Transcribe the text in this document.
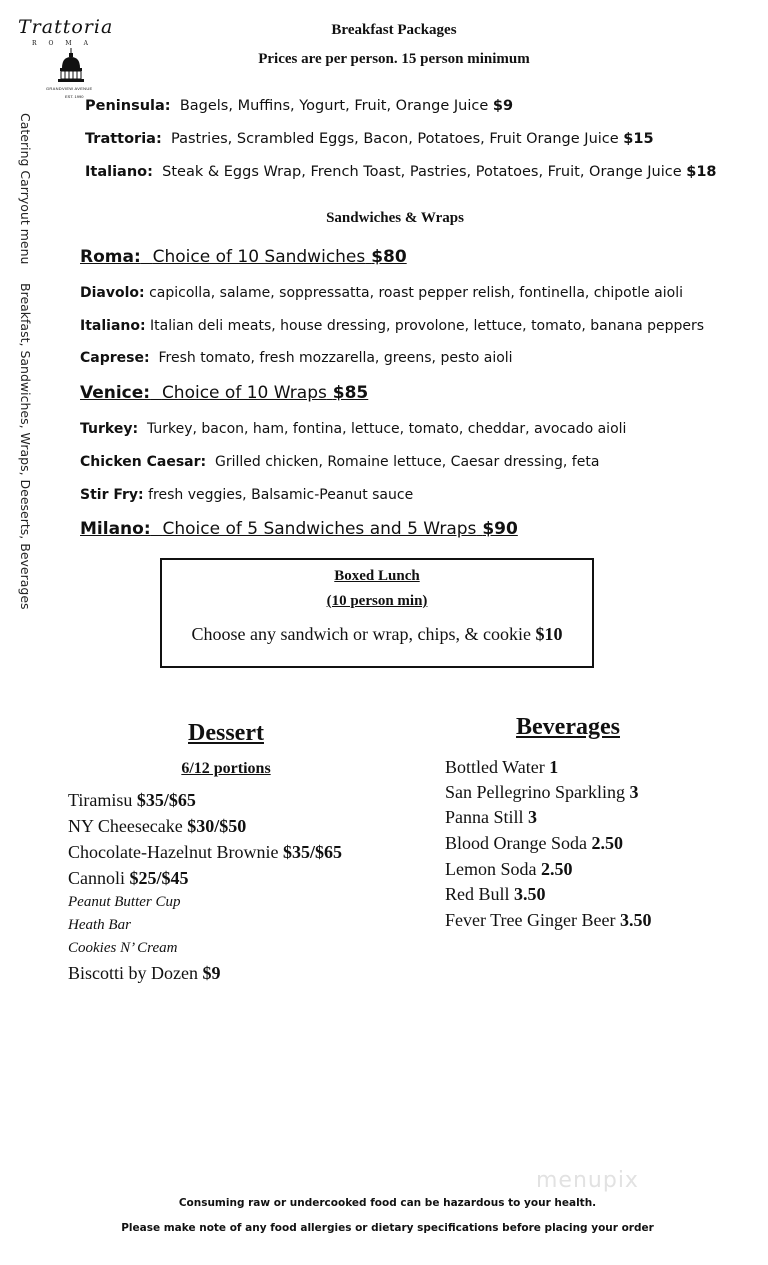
Trattoria
ROMA
GRANDVIEW AVENUE
EST. 1990
Catering Carryout menu
Breakfast, Sandwiches, Wraps, Deeserts, Beverages
Breakfast Packages
Prices are per person. 15 person minimum
Peninsula: Bagels, Muffins, Yogurt, Fruit, Orange Juice $9
Trattoria: Pastries, Scrambled Eggs, Bacon, Potatoes, Fruit Orange Juice $15
Italiano: Steak & Eggs Wrap, French Toast, Pastries, Potatoes, Fruit, Orange Juice $18
Sandwiches & Wraps
Roma: Choice of 10 Sandwiches $80
Diavolo: capicolla, salame, soppressatta, roast pepper relish, fontinella, chipotle aioli
Italiano: Italian deli meats, house dressing, provolone, lettuce, tomato, banana peppers
Caprese: Fresh tomato, fresh mozzarella, greens, pesto aioli
Venice: Choice of 10 Wraps $85
Turkey: Turkey, bacon, ham, fontina, lettuce, tomato, cheddar, avocado aioli
Chicken Caesar: Grilled chicken, Romaine lettuce, Caesar dressing, feta
Stir Fry: fresh veggies, Balsamic-Peanut sauce
Milano: Choice of 5 Sandwiches and 5 Wraps $90
Boxed Lunch
(10 person min)
Choose any sandwich or wrap, chips, & cookie $10
Dessert
6/12 portions
Tiramisu $35/$65
NY Cheesecake $30/$50
Chocolate-Hazelnut Brownie $35/$65
Cannoli $25/$45
Peanut Butter Cup
Heath Bar
Cookies N’ Cream
Biscotti by Dozen $9
Beverages
Bottled Water 1
San Pellegrino Sparkling 3
Panna Still 3
Blood Orange Soda 2.50
Lemon Soda 2.50
Red Bull 3.50
Fever Tree Ginger Beer 3.50
menupix
Consuming raw or undercooked food can be hazardous to your health.
Please make note of any food allergies or dietary specifications before placing your order
